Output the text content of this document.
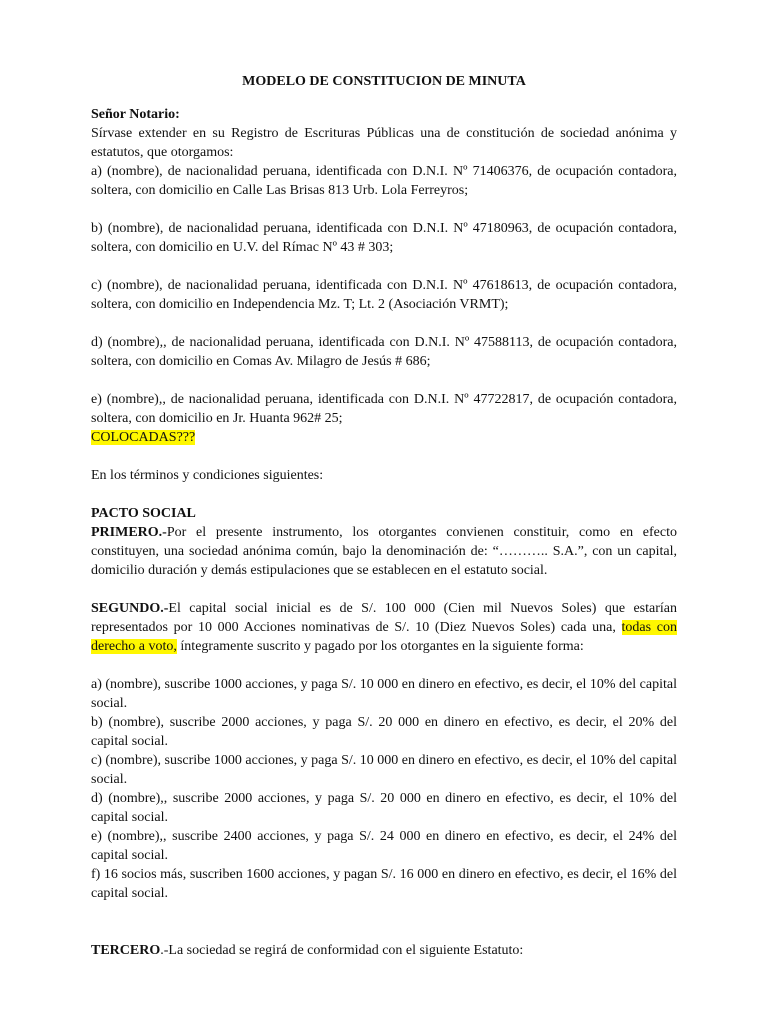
MODELO DE CONSTITUCION DE MINUTA

Señor Notario:

Sírvase extender en su Registro de Escrituras Públicas una de constitución de sociedad anónima y estatutos, que otorgamos:

a) (nombre), de nacionalidad peruana, identificada con D.N.I. Nº 71406376, de ocupación contadora, soltera, con domicilio en Calle Las Brisas 813 Urb. Lola Ferreyros;

b) (nombre), de nacionalidad peruana, identificada con D.N.I. Nº 47180963, de ocupación contadora, soltera, con domicilio en U.V. del Rímac Nº 43 # 303;

c) (nombre), de nacionalidad peruana, identificada con D.N.I. Nº 47618613, de ocupación contadora, soltera, con domicilio en Independencia Mz. T; Lt. 2 (Asociación VRMT);

d) (nombre),, de nacionalidad peruana, identificada con D.N.I. Nº 47588113, de ocupación contadora, soltera, con domicilio en Comas Av. Milagro de Jesús # 686;

e) (nombre),, de nacionalidad peruana, identificada con D.N.I. Nº 47722817, de ocupación contadora, soltera, con domicilio en Jr. Huanta 962# 25;

COLOCADAS???

En los términos y condiciones siguientes:

PACTO SOCIAL

PRIMERO.-Por el presente instrumento, los otorgantes convienen constituir, como en efecto constituyen, una sociedad anónima común, bajo la denominación de: “……….. S.A.”, con un capital, domicilio duración y demás estipulaciones que se establecen en el estatuto social.

SEGUNDO.-El capital social inicial es de S/. 100 000 (Cien mil Nuevos Soles) que estarían representados por 10 000 Acciones nominativas de S/. 10 (Diez Nuevos Soles) cada una, todas con derecho a voto, íntegramente suscrito y pagado por los otorgantes en la siguiente forma:

a) (nombre), suscribe 1000 acciones, y paga S/. 10 000 en dinero en efectivo, es decir, el 10% del capital social.

b) (nombre), suscribe 2000 acciones, y paga S/. 20 000 en dinero en efectivo, es decir, el 20% del capital social.

c) (nombre), suscribe 1000 acciones, y paga S/. 10 000 en dinero en efectivo, es decir, el 10% del capital social.

d) (nombre),, suscribe 2000 acciones, y paga S/. 20 000 en dinero en efectivo, es decir, el 10% del capital social.

e) (nombre),, suscribe 2400 acciones, y paga S/. 24 000 en dinero en efectivo, es decir, el 24% del capital social.

f) 16 socios más, suscriben 1600 acciones, y pagan S/. 16 000 en dinero en efectivo, es decir, el 16% del capital social.

TERCERO.-La sociedad se regirá de conformidad con el siguiente Estatuto:
